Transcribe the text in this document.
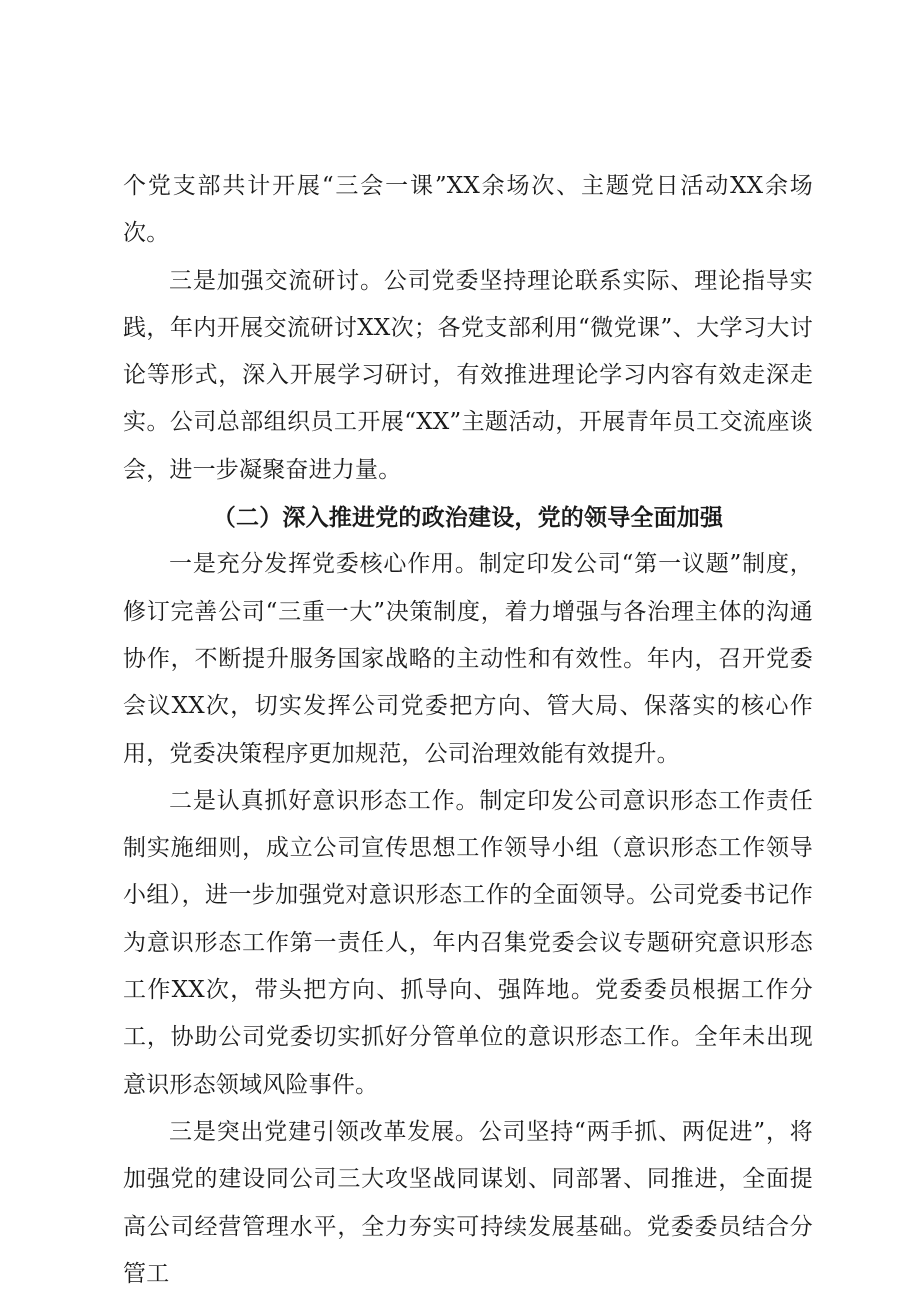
个党支部共计开展“三会一课”XX余场次、主题党日活动XX余场次。

三是加强交流研讨。公司党委坚持理论联系实际、理论指导实践，年内开展交流研讨XX次；各党支部利用“微党课”、大学习大讨论等形式，深入开展学习研讨，有效推进理论学习内容有效走深走实。公司总部组织员工开展“XX”主题活动，开展青年员工交流座谈会，进一步凝聚奋进力量。

（二）深入推进党的政治建设，党的领导全面加强

一是充分发挥党委核心作用。制定印发公司“第一议题”制度，修订完善公司“三重一大”决策制度，着力增强与各治理主体的沟通协作，不断提升服务国家战略的主动性和有效性。年内，召开党委会议XX次，切实发挥公司党委把方向、管大局、保落实的核心作用，党委决策程序更加规范，公司治理效能有效提升。

二是认真抓好意识形态工作。制定印发公司意识形态工作责任制实施细则，成立公司宣传思想工作领导小组（意识形态工作领导小组），进一步加强党对意识形态工作的全面领导。公司党委书记作为意识形态工作第一责任人，年内召集党委会议专题研究意识形态工作XX次，带头把方向、抓导向、强阵地。党委委员根据工作分工，协助公司党委切实抓好分管单位的意识形态工作。全年未出现意识形态领域风险事件。

三是突出党建引领改革发展。公司坚持“两手抓、两促进”，将加强党的建设同公司三大攻坚战同谋划、同部署、同推进，全面提高公司经营管理水平，全力夯实可持续发展基础。党委委员结合分管工
